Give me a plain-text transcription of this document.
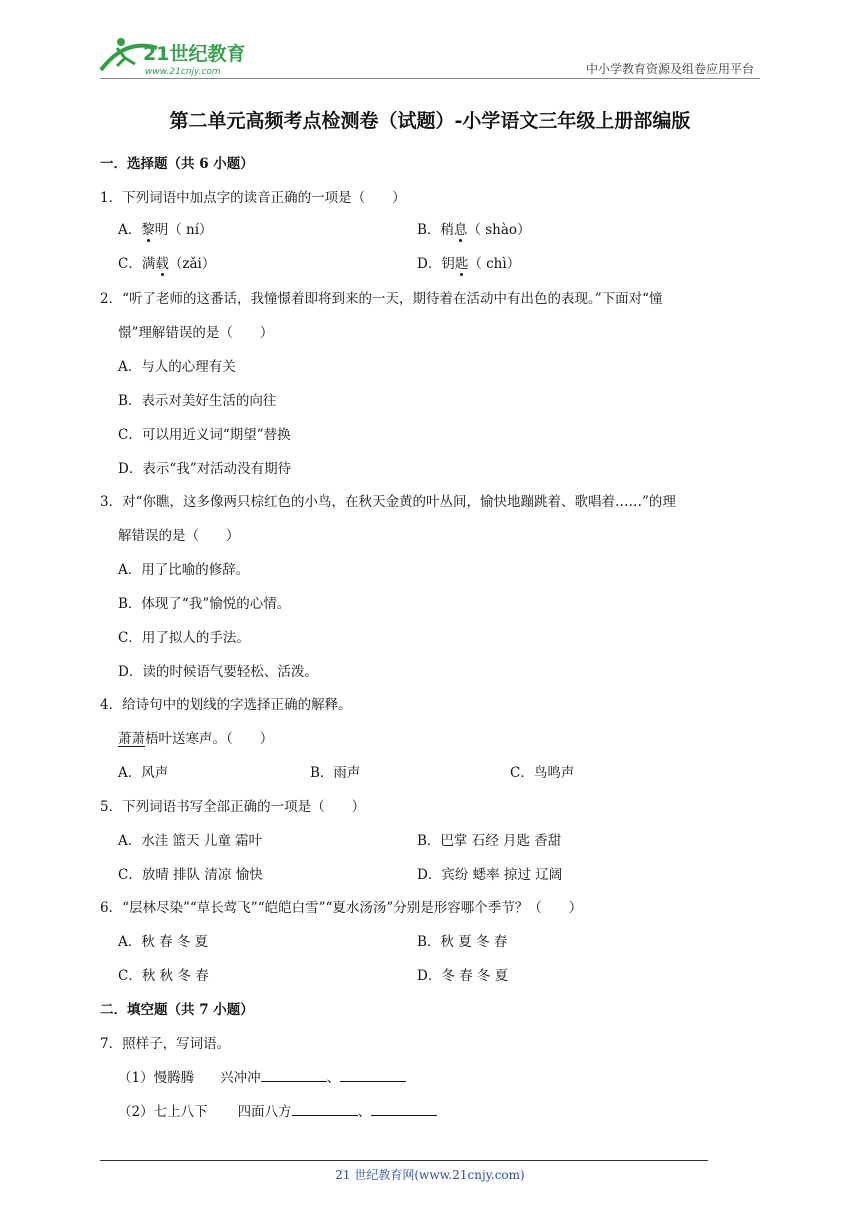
21世纪教育
www.21cnjy.com	中小学教育资源及组卷应用平台
第二单元高频考点检测卷（试题）-小学语文三年级上册部编版
一．选择题（共 6 小题）
1．下列词语中加点字的读音正确的一项是（　　）
A．黎明（ ní）	B．稍息（ shào）
C．满载（zǎi）	D．钥匙（ chì）
2．“听了老师的这番话，我憧憬着即将到来的一天，期待着在活动中有出色的表现。”下面对“憧
憬”理解错误的是（　　）
A．与人的心理有关
B．表示对美好生活的向往
C．可以用近义词“期望”替换
D．表示“我”对活动没有期待
3．对“你瞧，这多像两只棕红色的小鸟，在秋天金黄的叶丛间，愉快地蹦跳着、歌唱着……”的理
解错误的是（　　）
A．用了比喻的修辞。
B．体现了“我”愉悦的心情。
C．用了拟人的手法。
D．读的时候语气要轻松、活泼。
4．给诗句中的划线的字选择正确的解释。
萧萧梧叶送寒声。（　　）
A．风声	B．雨声	C．鸟鸣声
5．下列词语书写全部正确的一项是（　　）
A．水洼 篮天 儿童 霜叶	B．巴掌 石经 月匙 香甜
C．放晴 排队 清凉 愉快	D．宾纷 蟋率 掠过 辽阔
6．“层林尽染”“草长莺飞”“皑皑白雪”“夏水汤汤”分别是形容哪个季节？（　　）
A．秋 春 冬 夏	B．秋 夏 冬 春
C．秋 秋 冬 春	D．冬 春 冬 夏
二．填空题（共 7 小题）
7．照样子，写词语。
（1）慢腾腾 兴冲冲	、
（2）七上八下 四面八方	、
21 世纪教育网(www.21cnjy.com)
